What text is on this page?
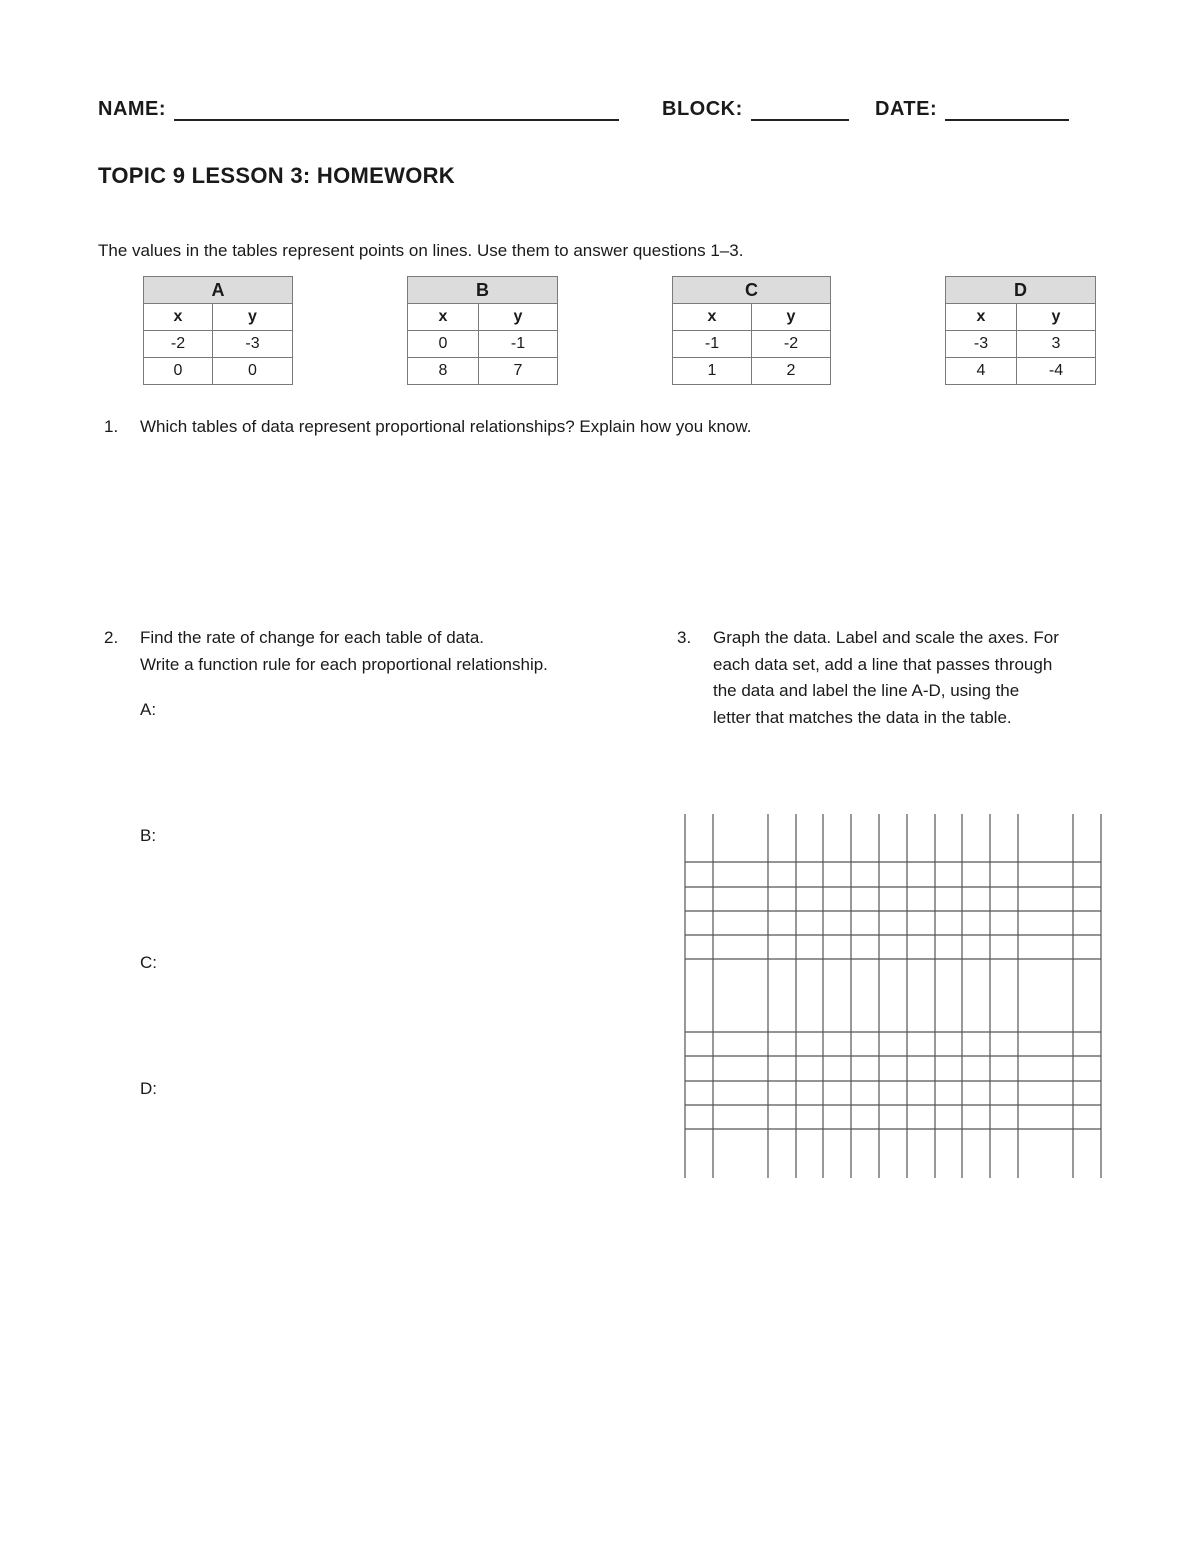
NAME:	BLOCK:	DATE:
TOPIC 9 LESSON 3: HOMEWORK
The values in the tables represent points on lines. Use them to answer questions 1–3.
A	
x	y
-2	-3
0	0
B	
x	y
0	-1
8	7
C	
x	y
-1	-2
1	2
D	
x	y
-3	3
4	-4
1. Which tables of data represent proportional relationships? Explain how you know.
2. Find the rate of change for each table of data.
Write a function rule for each proportional relationship.
A:
B:
C:
D:
3. Graph the data. Label and scale the axes. For
each data set, add a line that passes through
the data and label the line A-D, using the
letter that matches the data in the table.
